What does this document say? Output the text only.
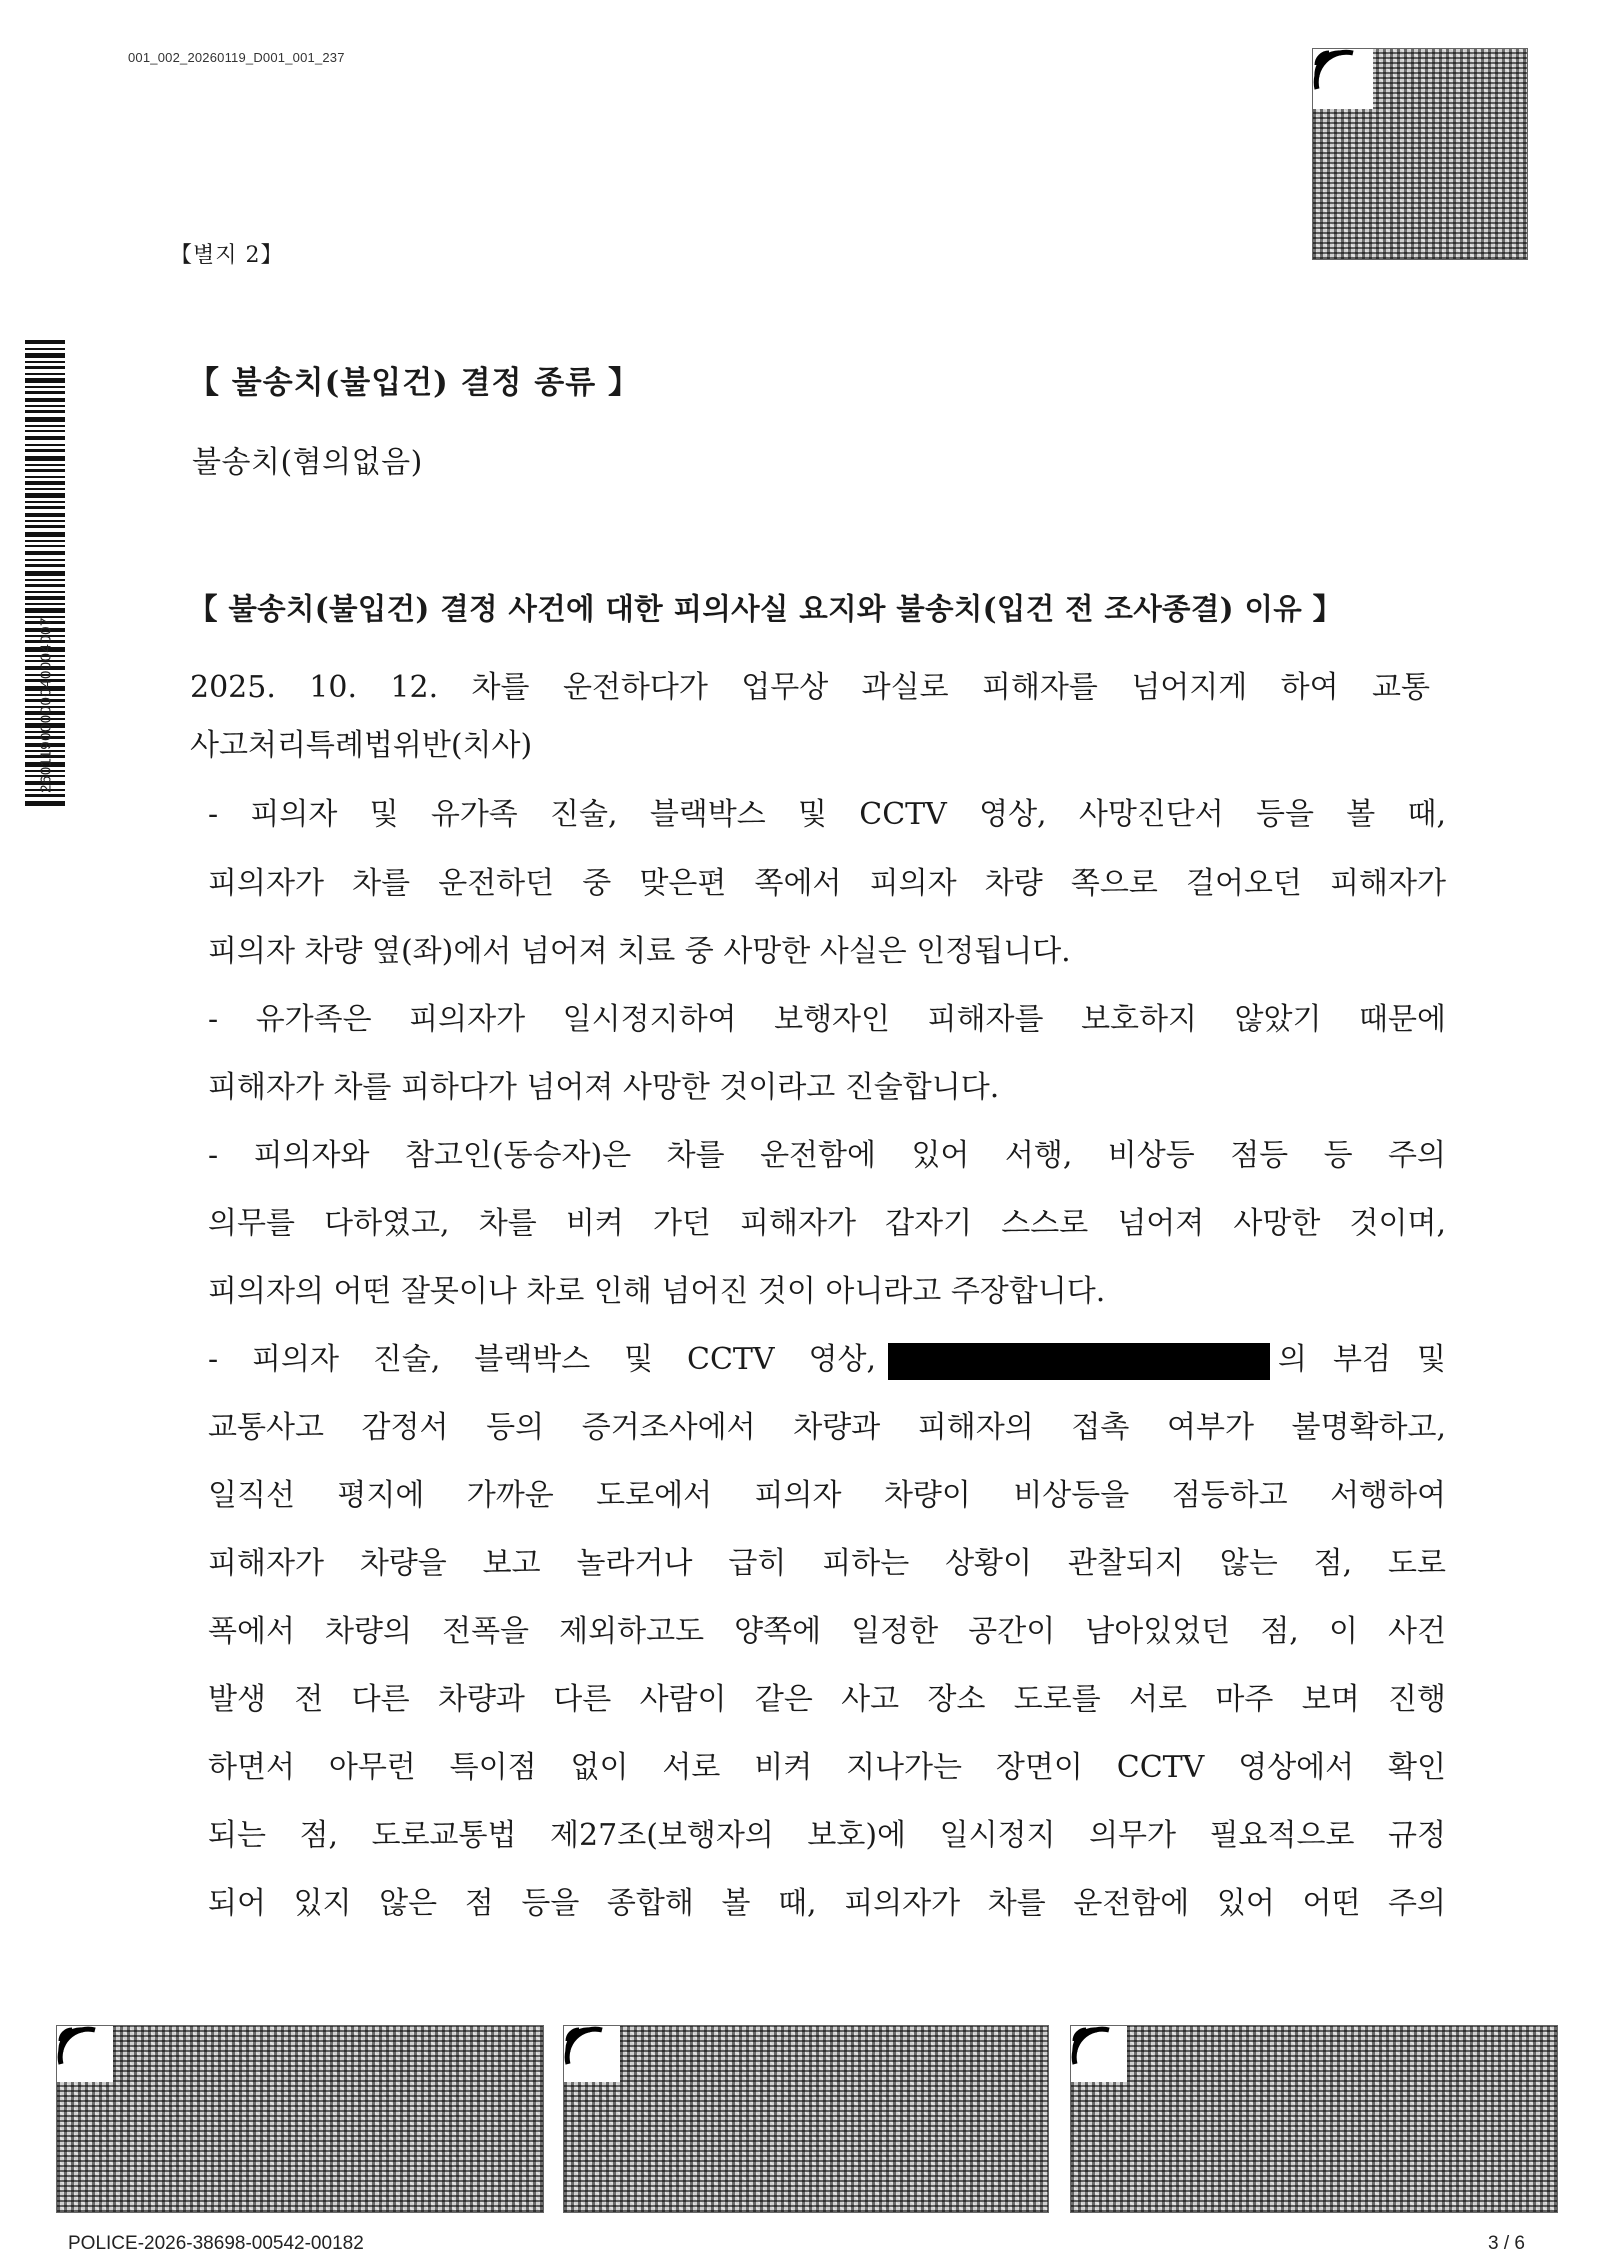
001_002_20260119_D001_001_237
26011900000040004007
【별지 2】
【 불송치(불입건) 결정 종류 】
불송치(혐의없음)
【 불송치(불입건) 결정 사건에 대한 피의사실 요지와 불송치(입건 전 조사종결) 이유 】
2025. 10. 12. 차를 운전하다가 업무상 과실로 피해자를 넘어지게 하여 교통
사고처리특례법위반(치사)
- 피의자 및 유가족 진술, 블랙박스 및 CCTV 영상, 사망진단서 등을 볼 때,
피의자가 차를 운전하던 중 맞은편 쪽에서 피의자 차량 쪽으로 걸어오던 피해자가
피의자 차량 옆(좌)에서 넘어져 치료 중 사망한 사실은 인정됩니다.
- 유가족은 피의자가 일시정지하여 보행자인 피해자를 보호하지 않았기 때문에
피해자가 차를 피하다가 넘어져 사망한 것이라고 진술합니다.
- 피의자와 참고인(동승자)은 차를 운전함에 있어 서행, 비상등 점등 등 주의
의무를 다하였고, 차를 비켜 가던 피해자가 갑자기 스스로 넘어져 사망한 것이며,
피의자의 어떤 잘못이나 차로 인해 넘어진 것이 아니라고 주장합니다.
- 피의자 진술, 블랙박스 및 CCTV 영상,	의 부검 및
교통사고 감정서 등의 증거조사에서 차량과 피해자의 접촉 여부가 불명확하고,
일직선 평지에 가까운 도로에서 피의자 차량이 비상등을 점등하고 서행하여
피해자가 차량을 보고 놀라거나 급히 피하는 상황이 관찰되지 않는 점, 도로
폭에서 차량의 전폭을 제외하고도 양쪽에 일정한 공간이 남아있었던 점, 이 사건
발생 전 다른 차량과 다른 사람이 같은 사고 장소 도로를 서로 마주 보며 진행
하면서 아무런 특이점 없이 서로 비켜 지나가는 장면이 CCTV 영상에서 확인
되는 점, 도로교통법 제27조(보행자의 보호)에 일시정지 의무가 필요적으로 규정
되어 있지 않은 점 등을 종합해 볼 때, 피의자가 차를 운전함에 있어 어떤 주의
POLICE-2026-38698-00542-00182	3 / 6
